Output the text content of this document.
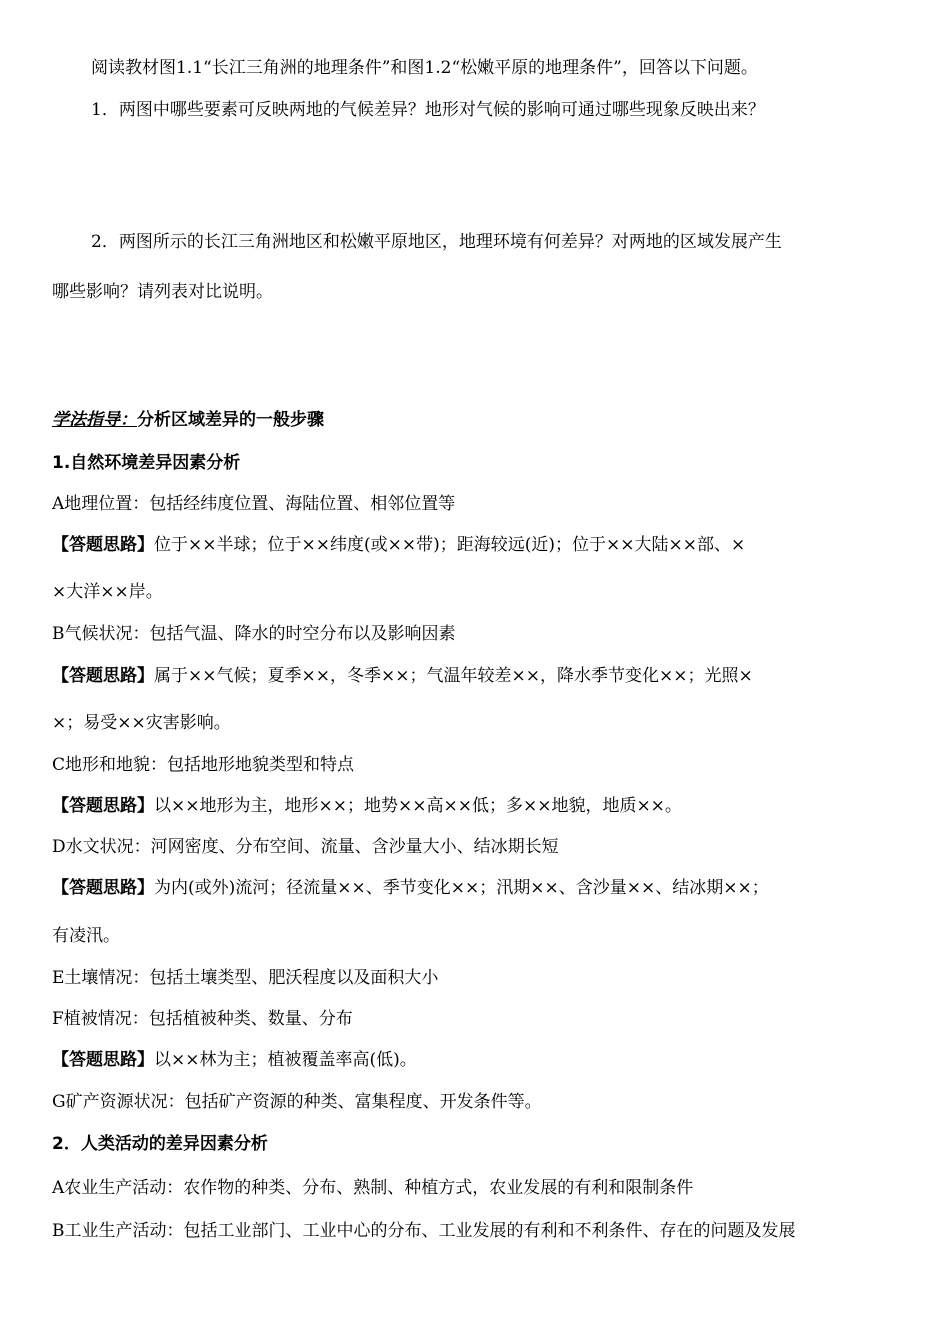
阅读教材图1.1“长江三角洲的地理条件”和图1.2“松嫩平原的地理条件”，回答以下问题。
1．两图中哪些要素可反映两地的气候差异？地形对气候的影响可通过哪些现象反映出来？
2．两图所示的长江三角洲地区和松嫩平原地区，地理环境有何差异？对两地的区域发展产生
哪些影响？请列表对比说明。
学法指导：分析区域差异的一般步骤
1.自然环境差异因素分析
A地理位置：包括经纬度位置、海陆位置、相邻位置等
【答题思路】位于××半球；位于××纬度(或××带)；距海较远(近)；位于××大陆××部、×
×大洋××岸。
B气候状况：包括气温、降水的时空分布以及影响因素
【答题思路】属于××气候；夏季××，冬季××；气温年较差××，降水季节变化××；光照×
×；易受××灾害影响。
C地形和地貌：包括地形地貌类型和特点
【答题思路】以××地形为主，地形××；地势××高××低；多××地貌，地质××。
D水文状况：河网密度、分布空间、流量、含沙量大小、结冰期长短
【答题思路】为内(或外)流河；径流量××、季节变化××；汛期××、含沙量××、结冰期××；
有凌汛。
E土壤情况：包括土壤类型、肥沃程度以及面积大小
F植被情况：包括植被种类、数量、分布
【答题思路】以××林为主；植被覆盖率高(低)。
G矿产资源状况：包括矿产资源的种类、富集程度、开发条件等。
2．人类活动的差异因素分析
A农业生产活动：农作物的种类、分布、熟制、种植方式，农业发展的有利和限制条件
B工业生产活动：包括工业部门、工业中心的分布、工业发展的有利和不利条件、存在的问题及发展
